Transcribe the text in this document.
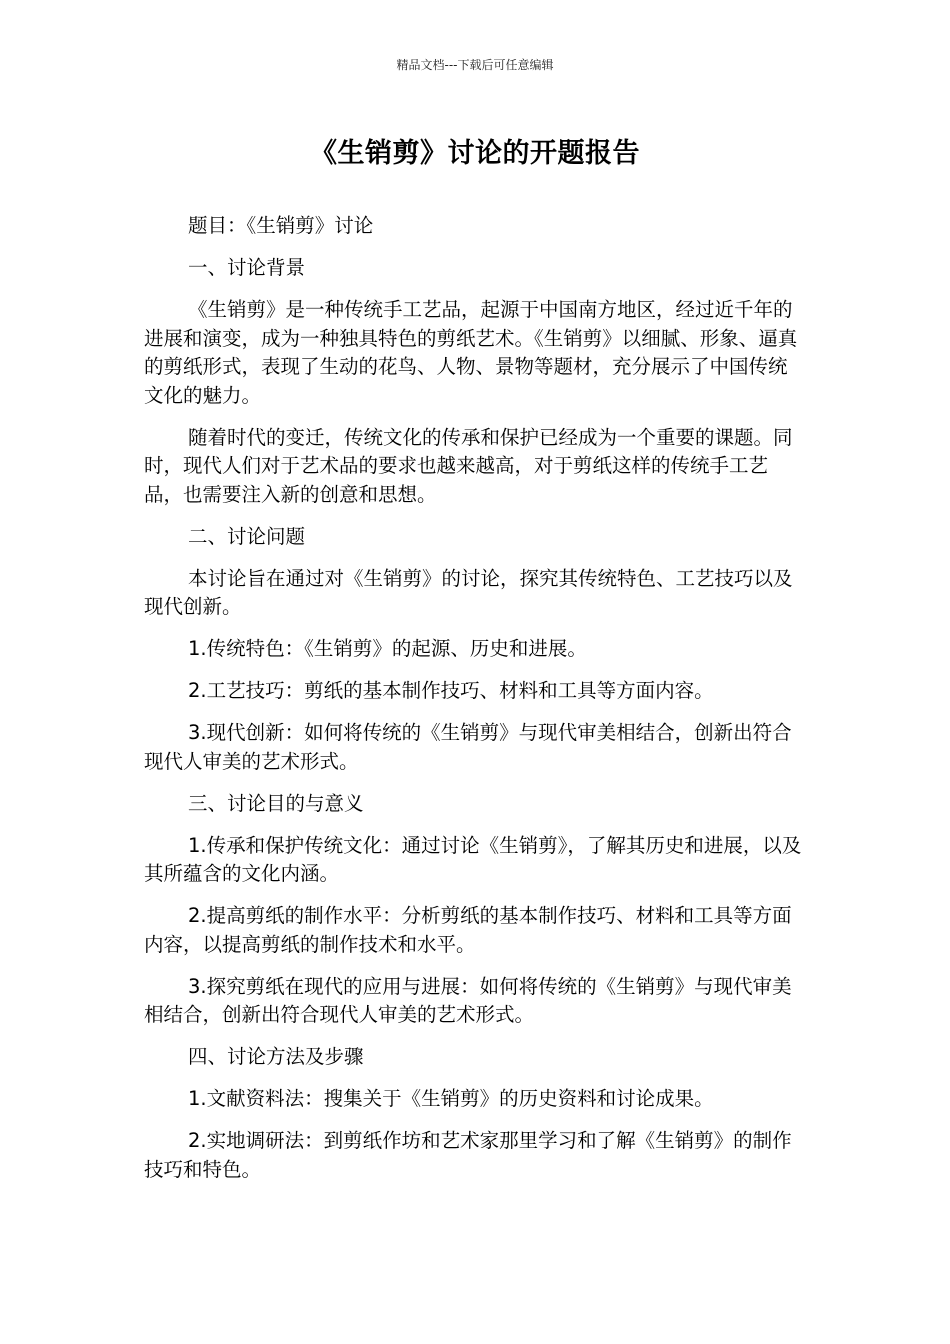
精品文档---下载后可任意编辑
《生销剪》讨论的开题报告

题目：《生销剪》讨论

一、讨论背景

《生销剪》是一种传统手工艺品，起源于中国南方地区，经过近千年的进展和演变，成为一种独具特色的剪纸艺术。《生销剪》以细腻、形象、逼真的剪纸形式，表现了生动的花鸟、人物、景物等题材，充分展示了中国传统文化的魅力。

随着时代的变迁，传统文化的传承和保护已经成为一个重要的课题。同时，现代人们对于艺术品的要求也越来越高，对于剪纸这样的传统手工艺品，也需要注入新的创意和思想。

二、讨论问题

本讨论旨在通过对《生销剪》的讨论，探究其传统特色、工艺技巧以及现代创新。

1.传统特色：《生销剪》的起源、历史和进展。

2.工艺技巧：剪纸的基本制作技巧、材料和工具等方面内容。

3.现代创新：如何将传统的《生销剪》与现代审美相结合，创新出符合现代人审美的艺术形式。

三、讨论目的与意义

1.传承和保护传统文化：通过讨论《生销剪》，了解其历史和进展，以及其所蕴含的文化内涵。

2.提高剪纸的制作水平：分析剪纸的基本制作技巧、材料和工具等方面内容，以提高剪纸的制作技术和水平。

3.探究剪纸在现代的应用与进展：如何将传统的《生销剪》与现代审美相结合，创新出符合现代人审美的艺术形式。

四、讨论方法及步骤

1.文献资料法：搜集关于《生销剪》的历史资料和讨论成果。

2.实地调研法：到剪纸作坊和艺术家那里学习和了解《生销剪》的制作技巧和特色。
